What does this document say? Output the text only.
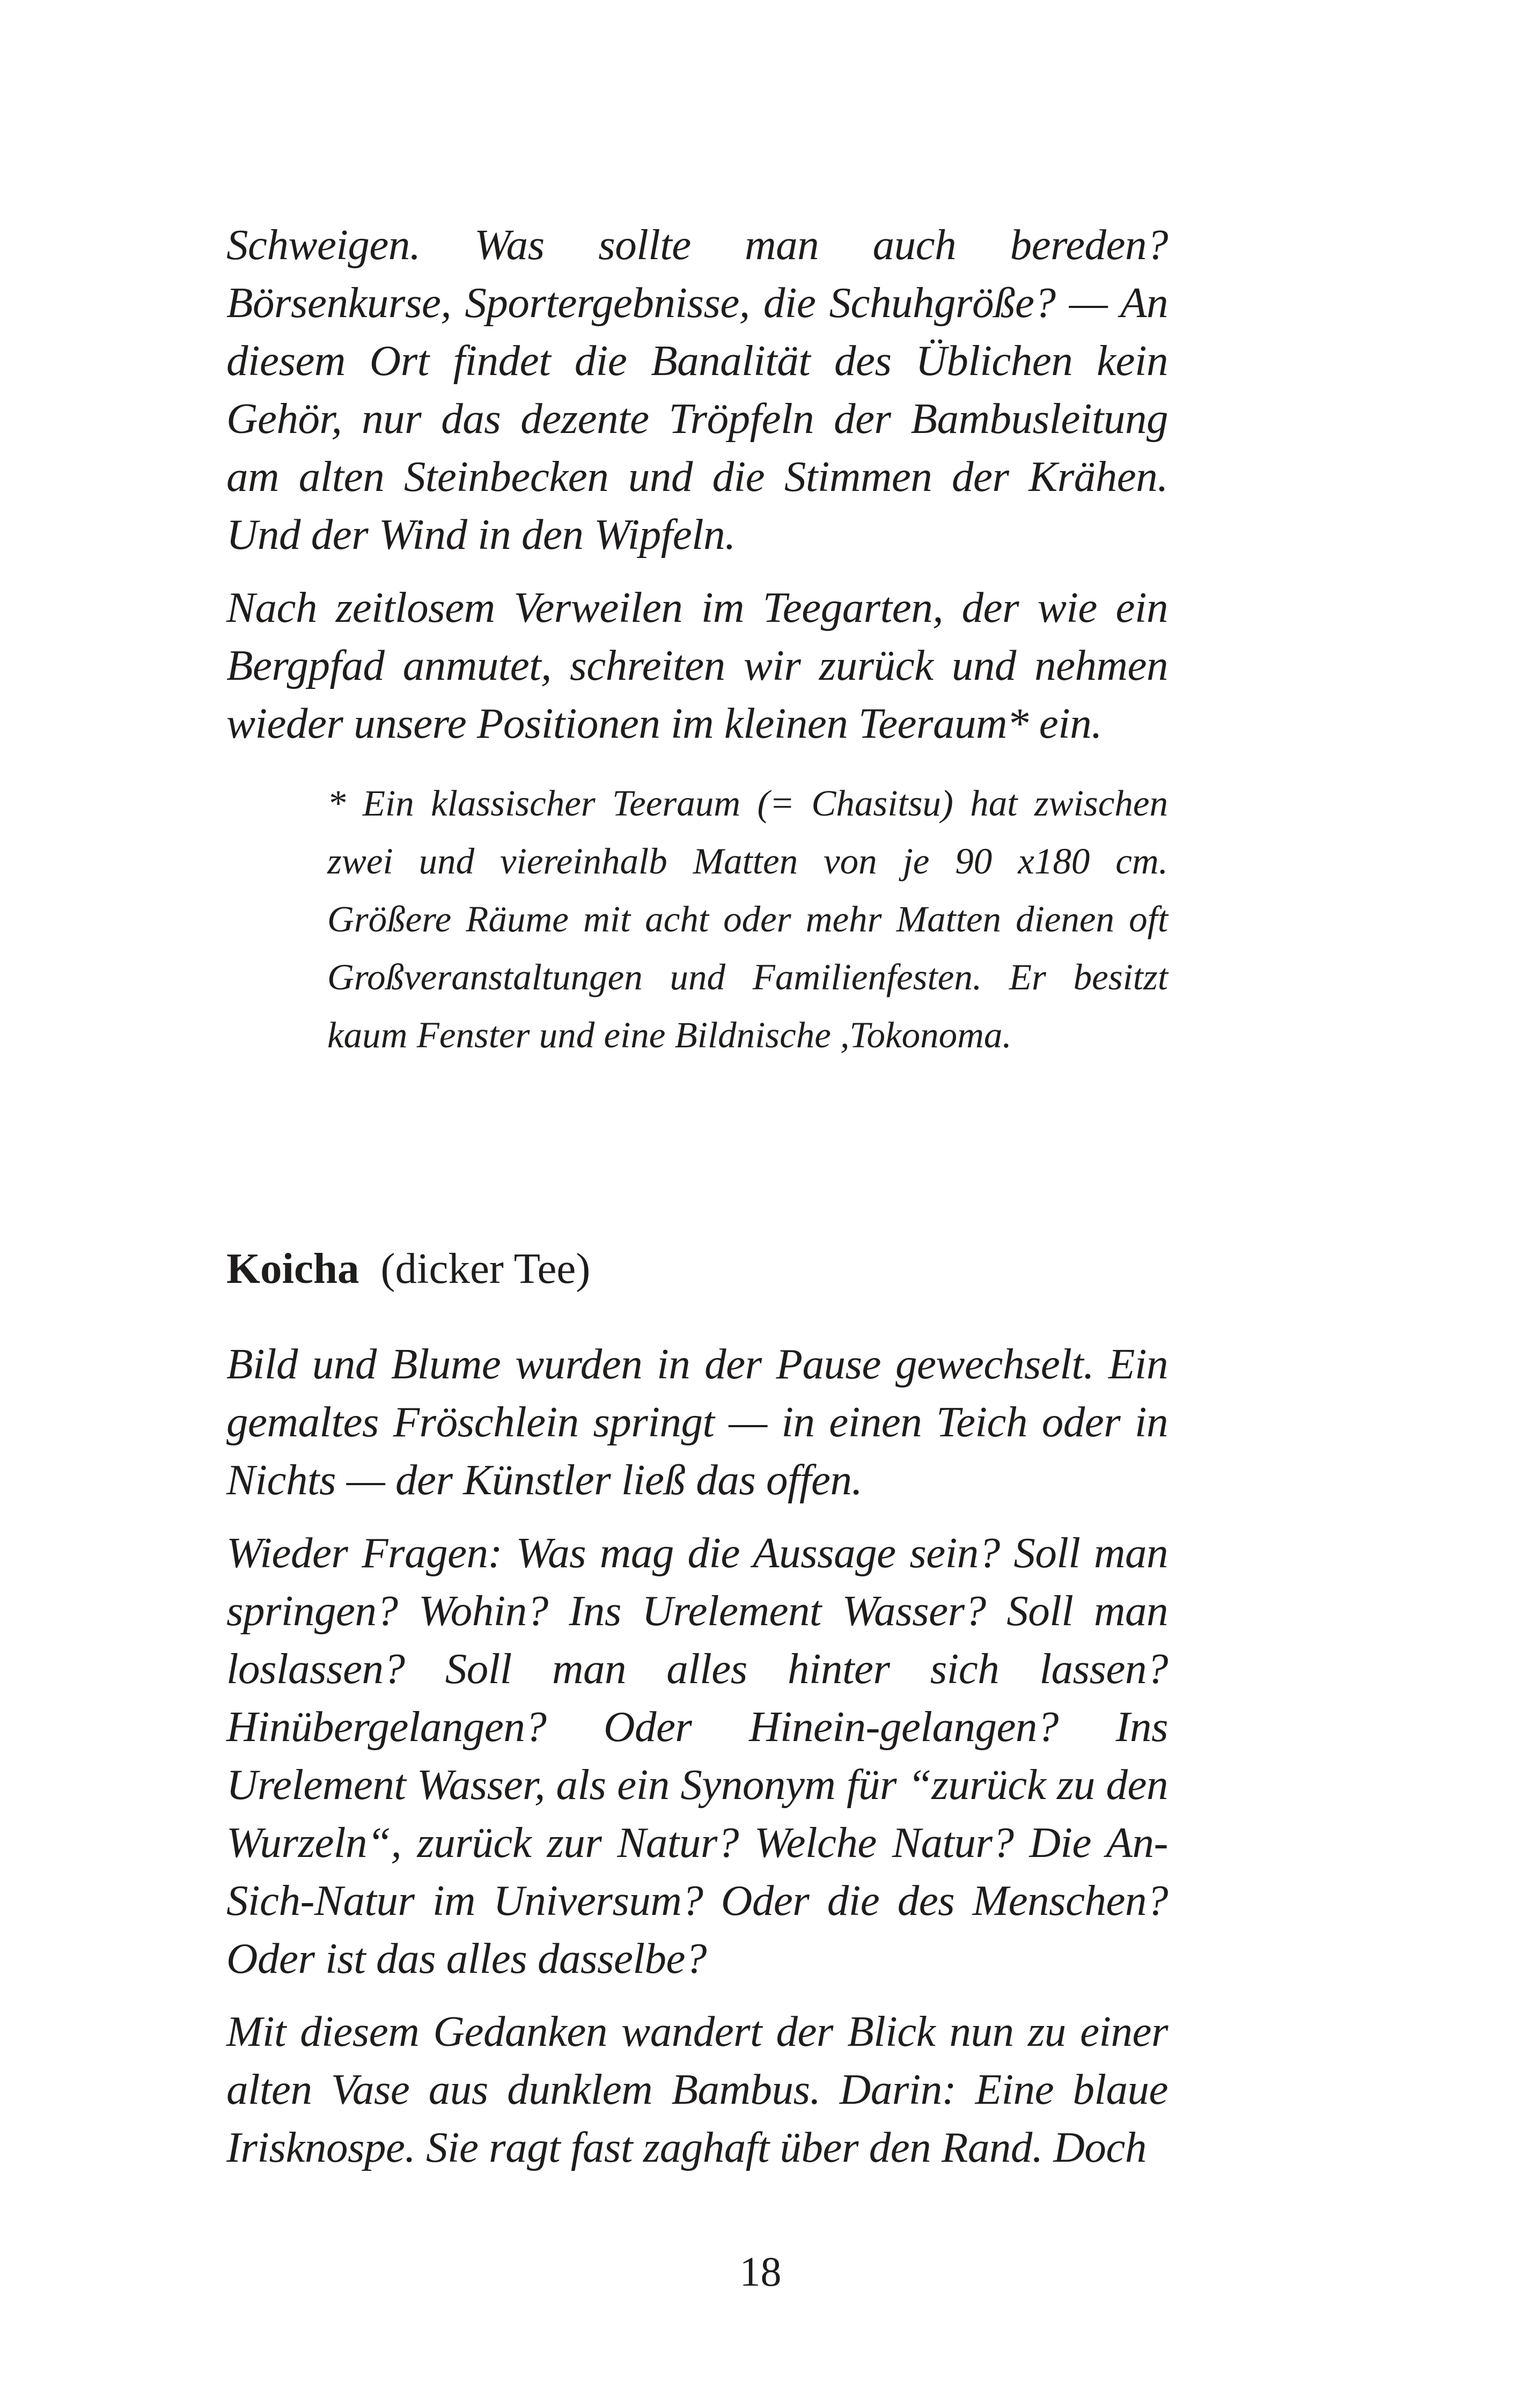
Schweigen. Was sollte man auch bereden? Börsenkurse, Sportergebnisse, die Schuhgröße? — An diesem Ort findet die Banalität des Üblichen kein Gehör, nur das dezente Tröpfeln der Bambusleitung am alten Steinbecken und die Stimmen der Krähen. Und der Wind in den Wipfeln.

Nach zeitlosem Verweilen im Teegarten, der wie ein Bergpfad anmutet, schreiten wir zurück und nehmen wieder unsere Positionen im kleinen Teeraum* ein.

* Ein klassischer Teeraum (= Chasitsu) hat zwischen zwei und viereinhalb Matten von je 90 x180 cm. Größere Räume mit acht oder mehr Matten dienen oft Großveranstaltungen und Familienfesten. Er besitzt kaum Fenster und eine Bildnische ,Tokonoma.

Koicha (dicker Tee)

Bild und Blume wurden in der Pause gewechselt. Ein gemaltes Fröschlein springt — in einen Teich oder in Nichts — der Künstler ließ das offen.

Wieder Fragen: Was mag die Aussage sein? Soll man springen? Wohin? Ins Urelement Wasser? Soll man loslassen? Soll man alles hinter sich lassen? Hinübergelangen? Oder Hinein-gelangen? Ins Urelement Wasser, als ein Synonym für “zurück zu den Wurzeln“, zurück zur Natur? Welche Natur? Die An-Sich-Natur im Universum? Oder die des Menschen? Oder ist das alles dasselbe?

Mit diesem Gedanken wandert der Blick nun zu einer alten Vase aus dunklem Bambus. Darin: Eine blaue Irisknospe. Sie ragt fast zaghaft über den Rand. Doch

18
